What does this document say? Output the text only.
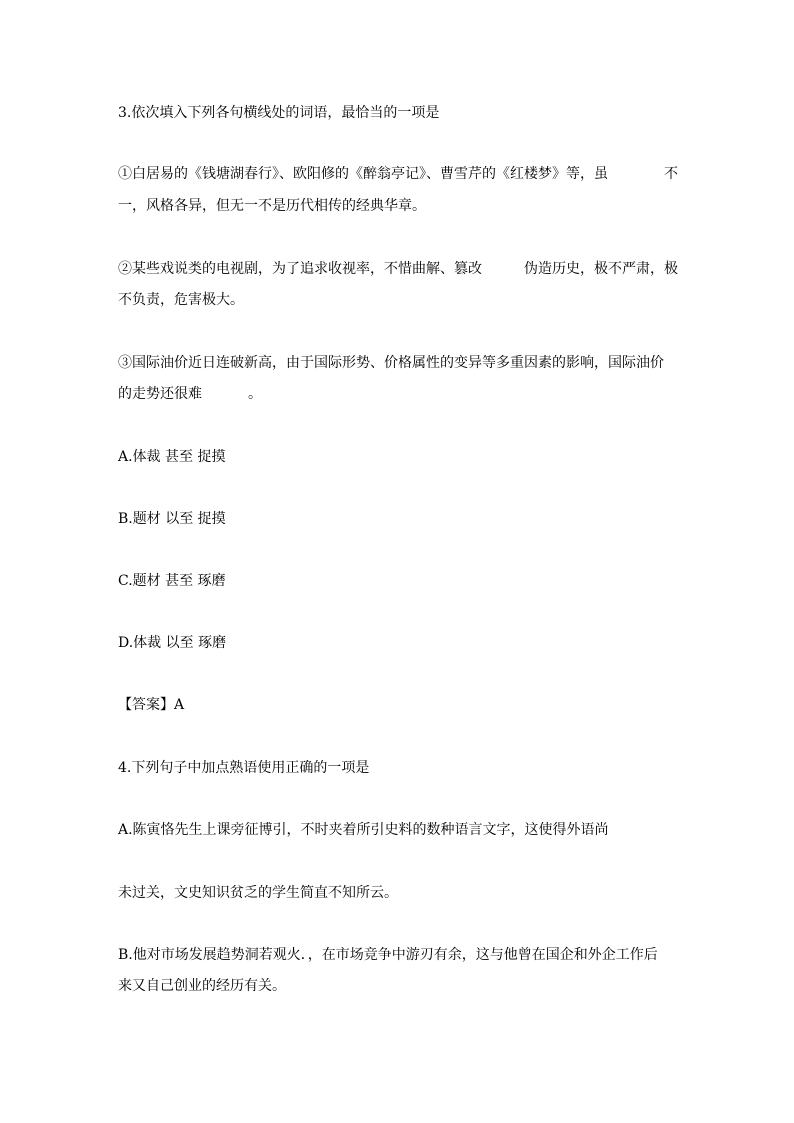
3.依次填入下列各句横线处的词语，最恰当的一项是
①白居易的《钱塘湖春行》、欧阳修的《醉翁亭记》、曹雪芹的《红楼梦》等，虽	不
一，风格各异，但无一不是历代相传的经典华章。
②某些戏说类的电视剧，为了追求收视率，不惜曲解、篡改	伪造历史，极不严肃，极
不负责，危害极大。
③国际油价近日连破新高，由于国际形势、价格属性的变异等多重因素的影响，国际油价
的走势还很难	。
A.体裁 甚至 捉摸
B.题材 以至 捉摸
C.题材 甚至 琢磨
D.体裁 以至 琢磨
【答案】A
4.下列句子中加点熟语使用正确的一项是
A.陈寅恪先生上课旁征博引，不时夹着所引史料的数种语言文字，这使得外语尚
未过关，文史知识贫乏的学生简直不知所云。
B.他对市场发展趋势洞若观火．，在市场竞争中游刃有余，这与他曾在国企和外企工作后
来又自己创业的经历有关。
